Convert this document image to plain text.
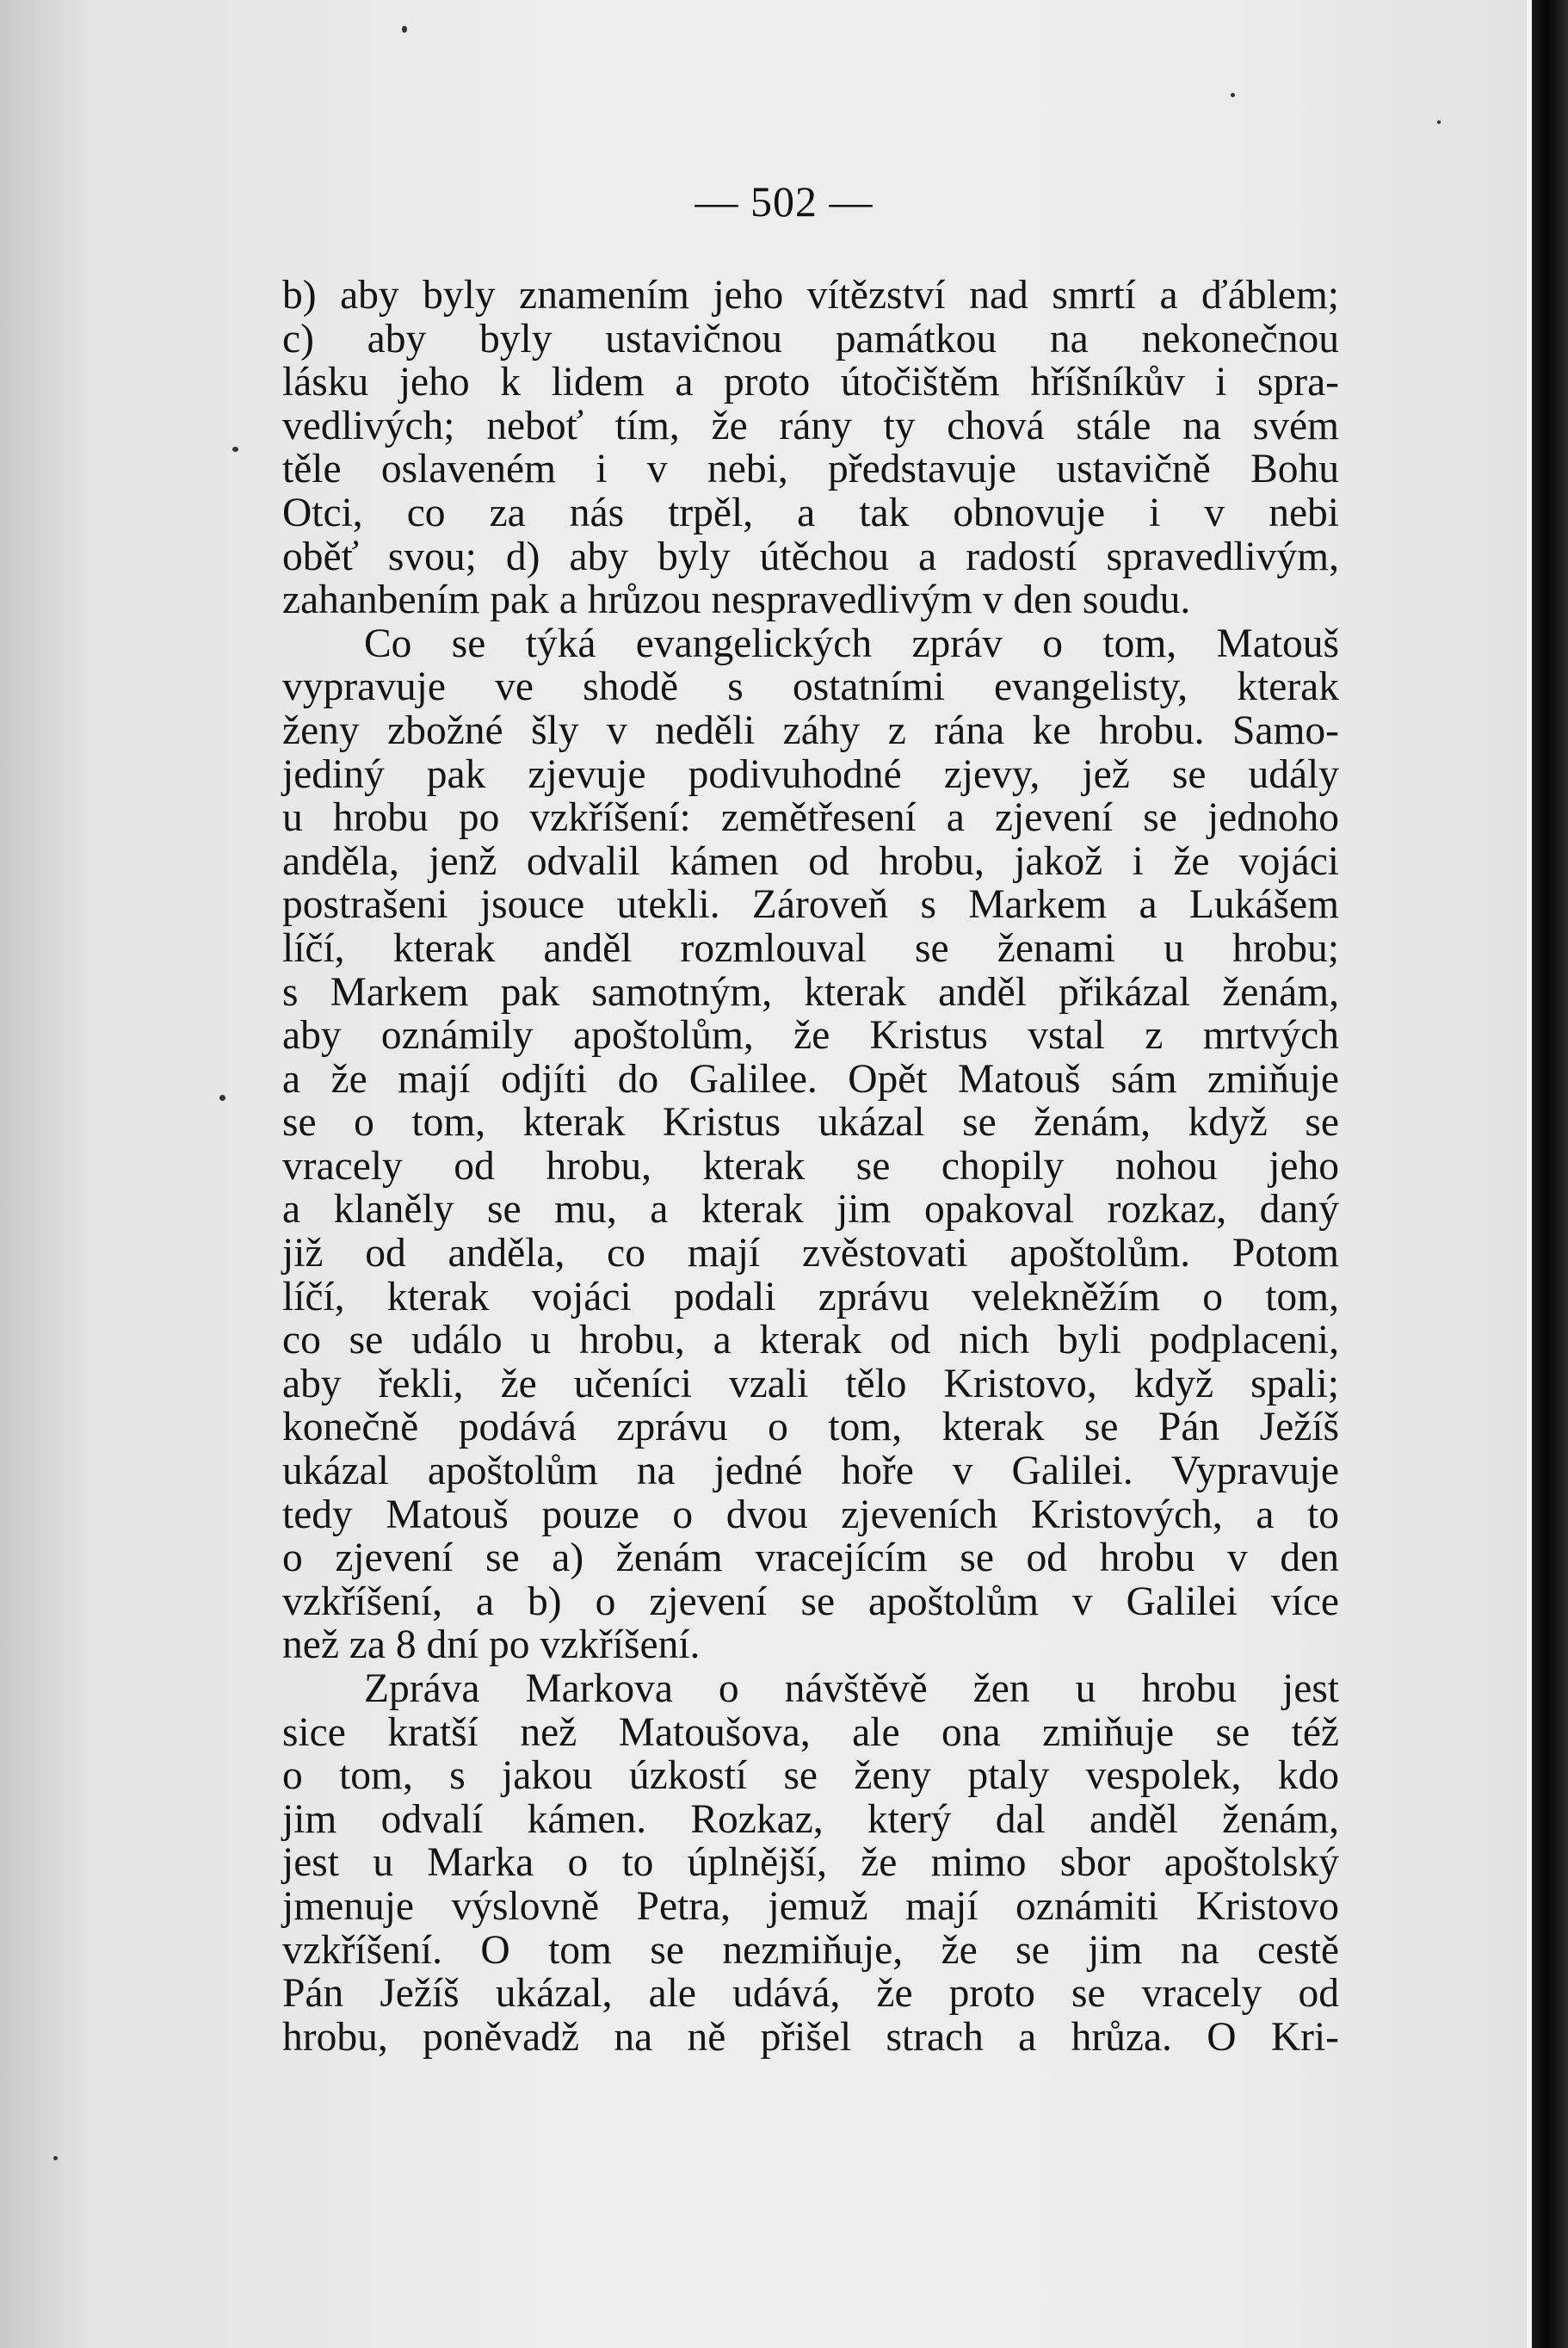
— 502 —
b) aby byly znamením jeho vítězství nad smrtí a ďáblem;
c) aby byly ustavičnou památkou na nekonečnou
lásku jeho k lidem a proto útočištěm hříšníkův i spra-
vedlivých; neboť tím, že rány ty chová stále na svém
těle oslaveném i v nebi, představuje ustavičně Bohu
Otci, co za nás trpěl, a tak obnovuje i v nebi
oběť svou; d) aby byly útěchou a radostí spravedlivým,
zahanbením pak a hrůzou nespravedlivým v den soudu.
Co se týká evangelických zpráv o tom, Matouš
vypravuje ve shodě s ostatními evangelisty, kterak
ženy zbožné šly v neděli záhy z rána ke hrobu. Samo-
jediný pak zjevuje podivuhodné zjevy, jež se udály
u hrobu po vzkříšení: zemětřesení a zjevení se jednoho
anděla, jenž odvalil kámen od hrobu, jakož i že vojáci
postrašeni jsouce utekli. Zároveň s Markem a Lukášem
líčí, kterak anděl rozmlouval se ženami u hrobu;
s Markem pak samotným, kterak anděl přikázal ženám,
aby oznámily apoštolům, že Kristus vstal z mrtvých
a že mají odjíti do Galilee. Opět Matouš sám zmiňuje
se o tom, kterak Kristus ukázal se ženám, když se
vracely od hrobu, kterak se chopily nohou jeho
a klaněly se mu, a kterak jim opakoval rozkaz, daný
již od anděla, co mají zvěstovati apoštolům. Potom
líčí, kterak vojáci podali zprávu velekněžím o tom,
co se událo u hrobu, a kterak od nich byli podplaceni,
aby řekli, že učeníci vzali tělo Kristovo, když spali;
konečně podává zprávu o tom, kterak se Pán Ježíš
ukázal apoštolům na jedné hoře v Galilei. Vypravuje
tedy Matouš pouze o dvou zjeveních Kristových, a to
o zjevení se a) ženám vracejícím se od hrobu v den
vzkříšení, a b) o zjevení se apoštolům v Galilei více
než za 8 dní po vzkříšení.
Zpráva Markova o návštěvě žen u hrobu jest
sice kratší než Matoušova, ale ona zmiňuje se též
o tom, s jakou úzkostí se ženy ptaly vespolek, kdo
jim odvalí kámen. Rozkaz, který dal anděl ženám,
jest u Marka o to úplnější, že mimo sbor apoštolský
jmenuje výslovně Petra, jemuž mají oznámiti Kristovo
vzkříšení. O tom se nezmiňuje, že se jim na cestě
Pán Ježíš ukázal, ale udává, že proto se vracely od
hrobu, poněvadž na ně přišel strach a hrůza. O Kri-
